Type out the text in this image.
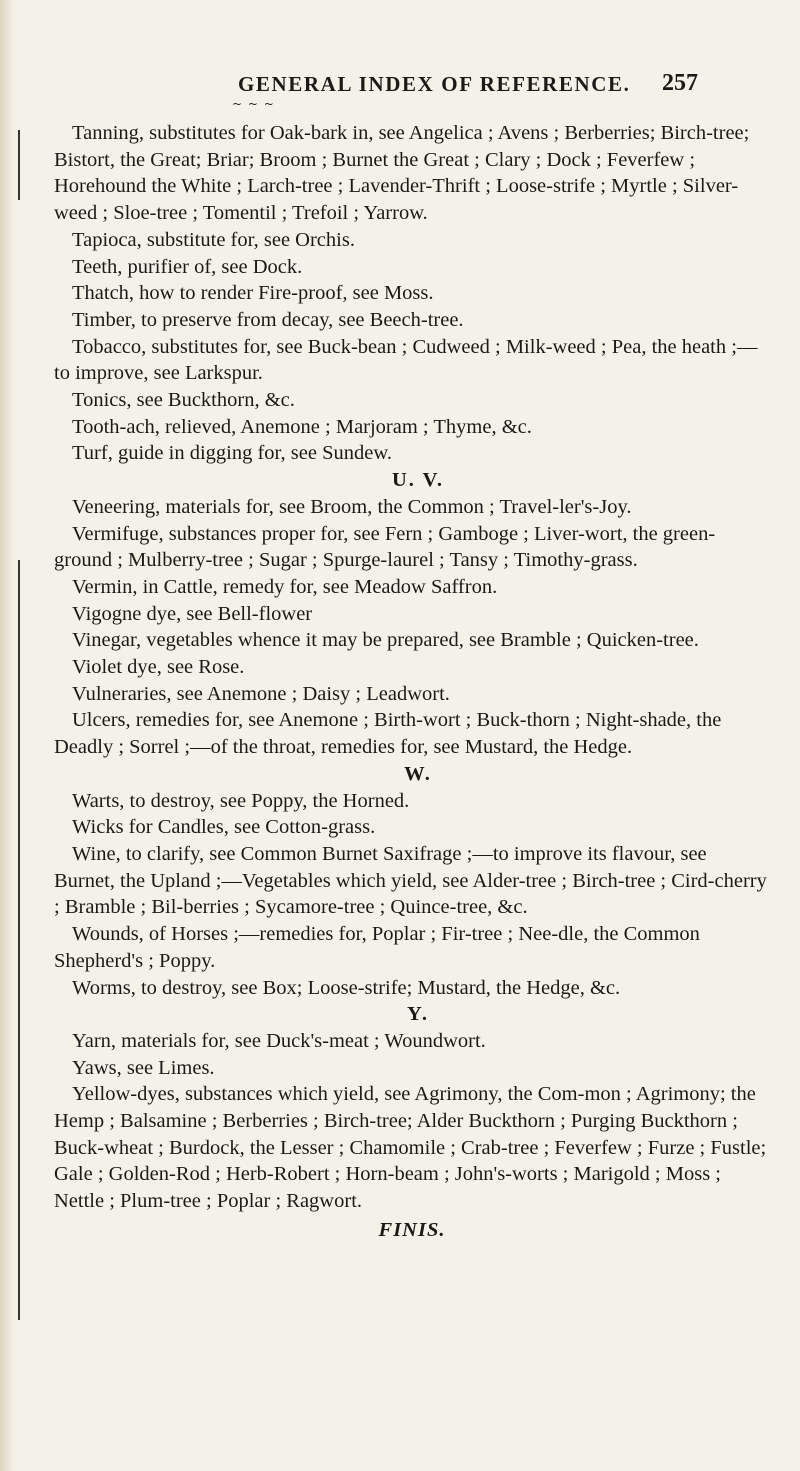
GENERAL INDEX OF REFERENCE. 257
~ ~ ~

Tanning, substitutes for Oak-bark in, see Angelica ; Avens ; Berberries; Birch-tree; Bistort, the Great; Briar; Broom ; Burnet the Great ; Clary ; Dock ; Feverfew ; Horehound the White ; Larch-tree ; Lavender-Thrift ; Loose-strife ; Myrtle ; Silver-weed ; Sloe-tree ; Tomentil ; Trefoil ; Yarrow.

Tapioca, substitute for, see Orchis.

Teeth, purifier of, see Dock.

Thatch, how to render Fire-proof, see Moss.

Timber, to preserve from decay, see Beech-tree.

Tobacco, substitutes for, see Buck-bean ; Cudweed ; Milk-weed ; Pea, the heath ;—to improve, see Larkspur.

Tonics, see Buckthorn, &c.

Tooth-ach, relieved, Anemone ; Marjoram ; Thyme, &c.

Turf, guide in digging for, see Sundew.

U. V.

Veneering, materials for, see Broom, the Common ; Travel-ler's-Joy.

Vermifuge, substances proper for, see Fern ; Gamboge ; Liver-wort, the green-ground ; Mulberry-tree ; Sugar ; Spurge-laurel ; Tansy ; Timothy-grass.

Vermin, in Cattle, remedy for, see Meadow Saffron.

Vigogne dye, see Bell-flower

Vinegar, vegetables whence it may be prepared, see Bramble ; Quicken-tree.

Violet dye, see Rose.

Vulneraries, see Anemone ; Daisy ; Leadwort.

Ulcers, remedies for, see Anemone ; Birth-wort ; Buck-thorn ; Night-shade, the Deadly ; Sorrel ;—of the throat, remedies for, see Mustard, the Hedge.

W.

Warts, to destroy, see Poppy, the Horned.

Wicks for Candles, see Cotton-grass.

Wine, to clarify, see Common Burnet Saxifrage ;—to improve its flavour, see Burnet, the Upland ;—Vegetables which yield, see Alder-tree ; Birch-tree ; Cird-cherry ; Bramble ; Bil-berries ; Sycamore-tree ; Quince-tree, &c.

Wounds, of Horses ;—remedies for, Poplar ; Fir-tree ; Nee-dle, the Common Shepherd's ; Poppy.

Worms, to destroy, see Box; Loose-strife; Mustard, the Hedge, &c.

Y.

Yarn, materials for, see Duck's-meat ; Woundwort.

Yaws, see Limes.

Yellow-dyes, substances which yield, see Agrimony, the Com-mon ; Agrimony; the Hemp ; Balsamine ; Berberries ; Birch-tree; Alder Buckthorn ; Purging Buckthorn ; Buck-wheat ; Burdock, the Lesser ; Chamomile ; Crab-tree ; Feverfew ; Furze ; Fustle; Gale ; Golden-Rod ; Herb-Robert ; Horn-beam ; John's-worts ; Marigold ; Moss ; Nettle ; Plum-tree ; Poplar ; Ragwort.

FINIS.
